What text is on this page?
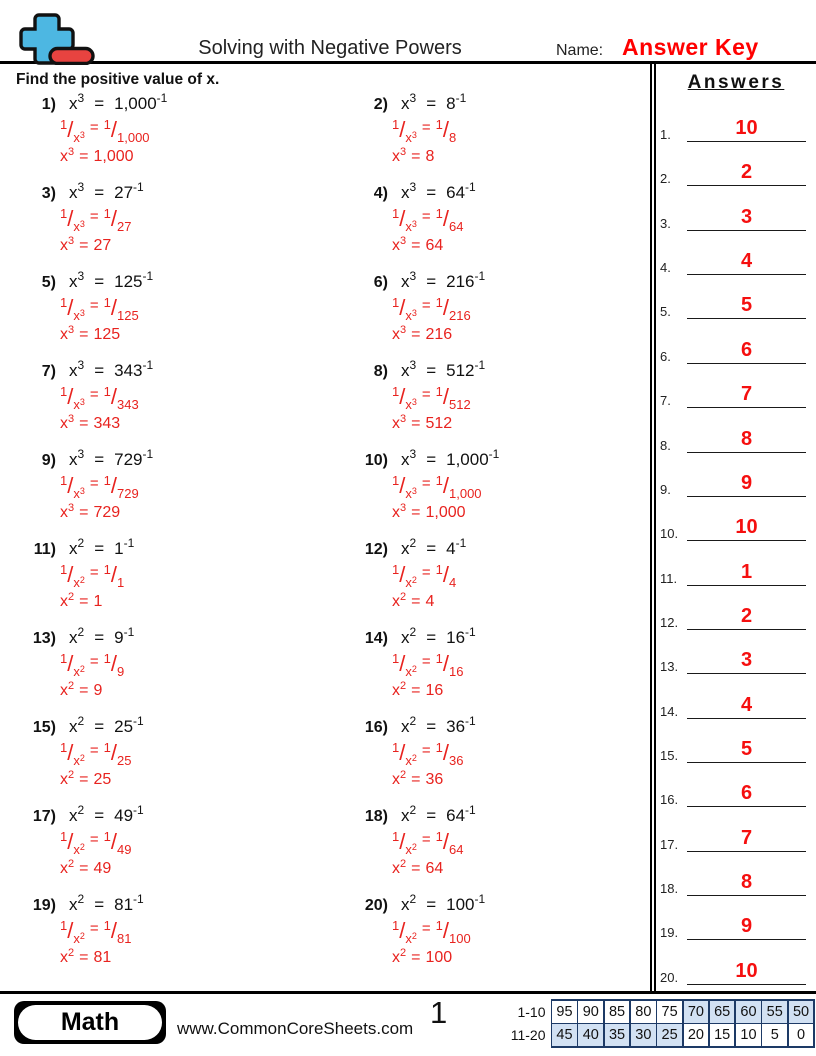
Solving with Negative Powers	Name: Answer Key
Find the positive value of x.
1) $x^3 = 1,000^{-1}$
$1/x^3 = 1/1,000$
$x^3 = 1,000$
2) $x^3 = 8^{-1}$
$1/x^3 = 1/8$
$x^3 = 8$
3) $x^3 = 27^{-1}$
$1/x^3 = 1/27$
$x^3 = 27$
4) $x^3 = 64^{-1}$
$1/x^3 = 1/64$
$x^3 = 64$
5) $x^3 = 125^{-1}$
$1/x^3 = 1/125$
$x^3 = 125$
6) $x^3 = 216^{-1}$
$1/x^3 = 1/216$
$x^3 = 216$
7) $x^3 = 343^{-1}$
$1/x^3 = 1/343$
$x^3 = 343$
8) $x^3 = 512^{-1}$
$1/x^3 = 1/512$
$x^3 = 512$
9) $x^3 = 729^{-1}$
$1/x^3 = 1/729$
$x^3 = 729$
10) $x^3 = 1,000^{-1}$
$1/x^3 = 1/1,000$
$x^3 = 1,000$
11) $x^2 = 1^{-1}$
$1/x^2 = 1/1$
$x^2 = 1$
12) $x^2 = 4^{-1}$
$1/x^2 = 1/4$
$x^2 = 4$
13) $x^2 = 9^{-1}$
$1/x^2 = 1/9$
$x^2 = 9$
14) $x^2 = 16^{-1}$
$1/x^2 = 1/16$
$x^2 = 16$
15) $x^2 = 25^{-1}$
$1/x^2 = 1/25$
$x^2 = 25$
16) $x^2 = 36^{-1}$
$1/x^2 = 1/36$
$x^2 = 36$
17) $x^2 = 49^{-1}$
$1/x^2 = 1/49$
$x^2 = 49$
18) $x^2 = 64^{-1}$
$1/x^2 = 1/64$
$x^2 = 64$
19) $x^2 = 81^{-1}$
$1/x^2 = 1/81$
$x^2 = 81$
20) $x^2 = 100^{-1}$
$1/x^2 = 1/100$
$x^2 = 100$
Answers
1.	10
2.	2
3.	3
4.	4
5.	5
6.	6
7.	7
8.	8
9.	9
10.	10
11.	1
12.	2
13.	3
14.	4
15.	5
16.	6
17.	7
18.	8
19.	9
20.	10
Math	www.CommonCoreSheets.com 1	1-10
11-20
95 90 85 80 75 70 65 60 55 50
45 40 35 30 25 20 15 10 5	0
